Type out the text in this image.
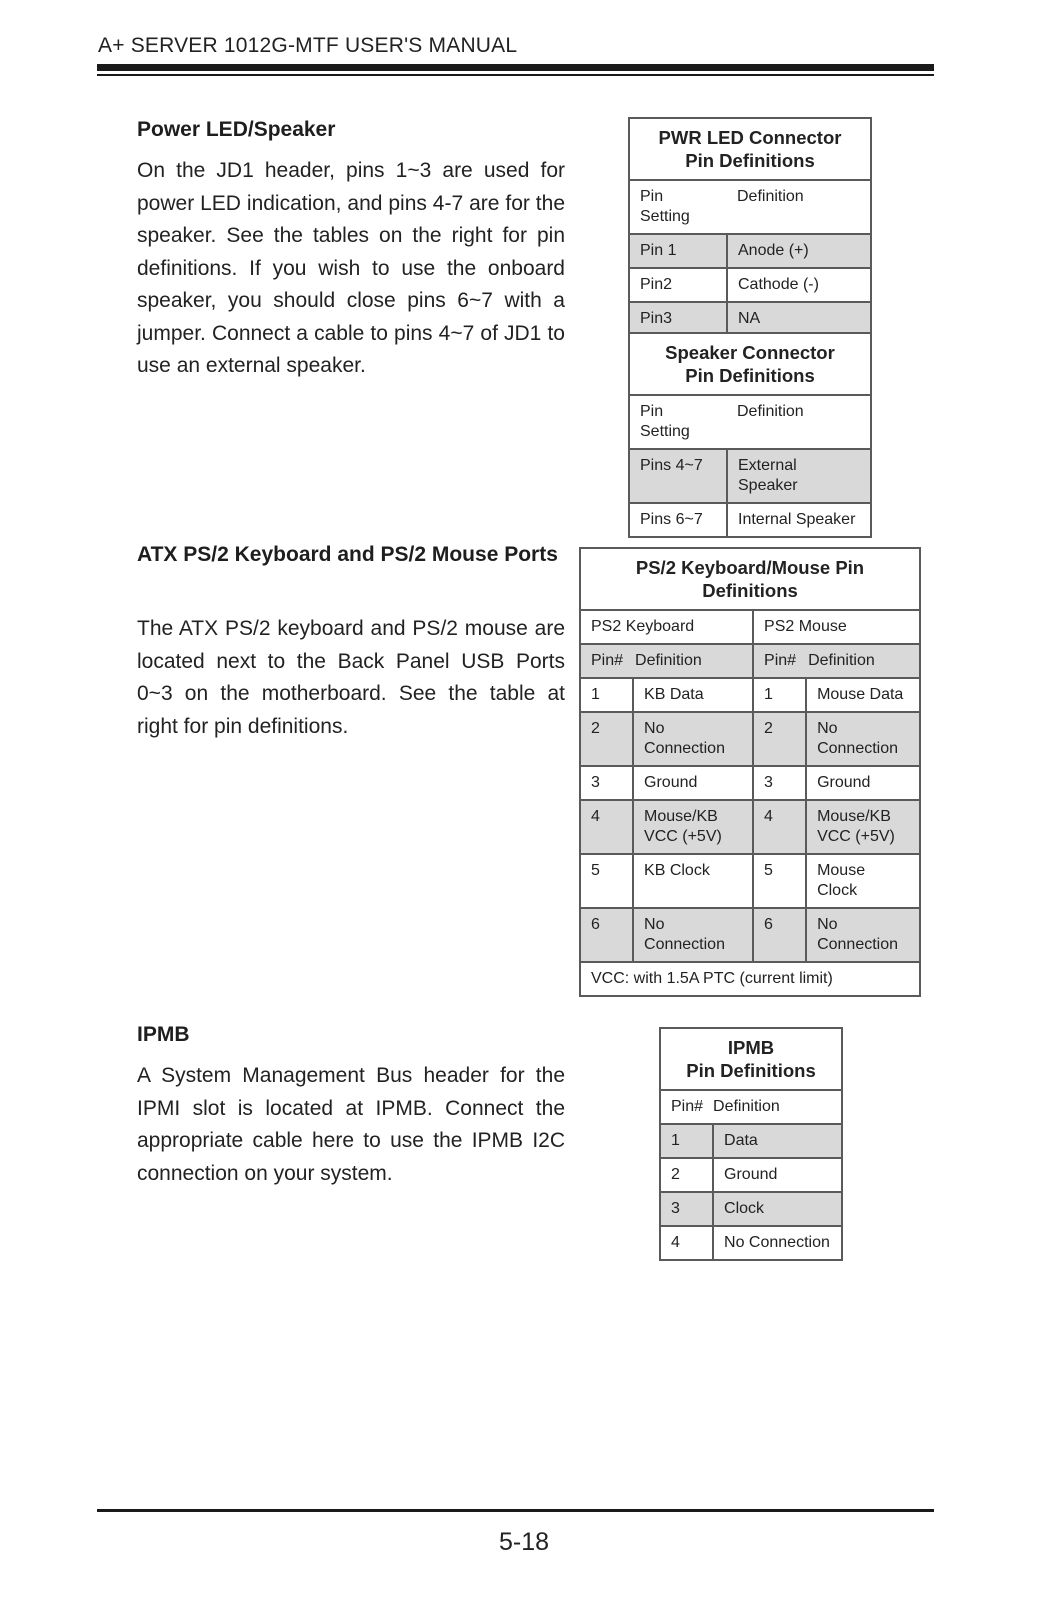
A+ SERVER 1012G-MTF USER'S MANUAL
Power LED/Speaker
On the JD1 header, pins 1~3 are used for power LED indication, and pins 4-7 are for the speaker. See the tables on the right for pin definitions. If you wish to use the onboard speaker, you should close pins 6~7 with a jumper. Connect a cable to pins 4~7 of JD1 to use an external speaker.
PWR LED Connector
Pin Definitions	

Pin Setting	Definition
Pin 1	Anode (+)
Pin2	Cathode (-)
Pin3	NA
Speaker Connector
Pin Definitions	

Pin Setting	Definition
Pins 4~7	External Speaker
Pins 6~7	Internal Speaker
ATX PS/2 Keyboard and PS/2 Mouse Ports
The ATX PS/2 keyboard and PS/2 mouse are located next to the Back Panel USB Ports 0~3 on the motherboard. See the table at right for pin definitions.
PS/2 Keyboard/Mouse Pin
Definitions			

PS2 Keyboard		PS2 Mouse	
Pin#	Definition	Pin#	Definition
1	KB Data	1	Mouse Data
2	No Connection	2	No Connection
3	Ground	3	Ground
4	Mouse/KB VCC (+5V)	4	Mouse/KB VCC (+5V)
5	KB Clock	5	Mouse Clock
6	No Connection	6	No Connection
VCC: with 1.5A PTC (current limit)			
IPMB
A System Management Bus header for the IPMI slot is located at IPMB. Connect the appropriate cable here to use the IPMB I2C connection on your system.
IPMB
Pin Definitions	

Pin#	Definition
1	Data
2	Ground
3	Clock
4	No Connection
5-18
